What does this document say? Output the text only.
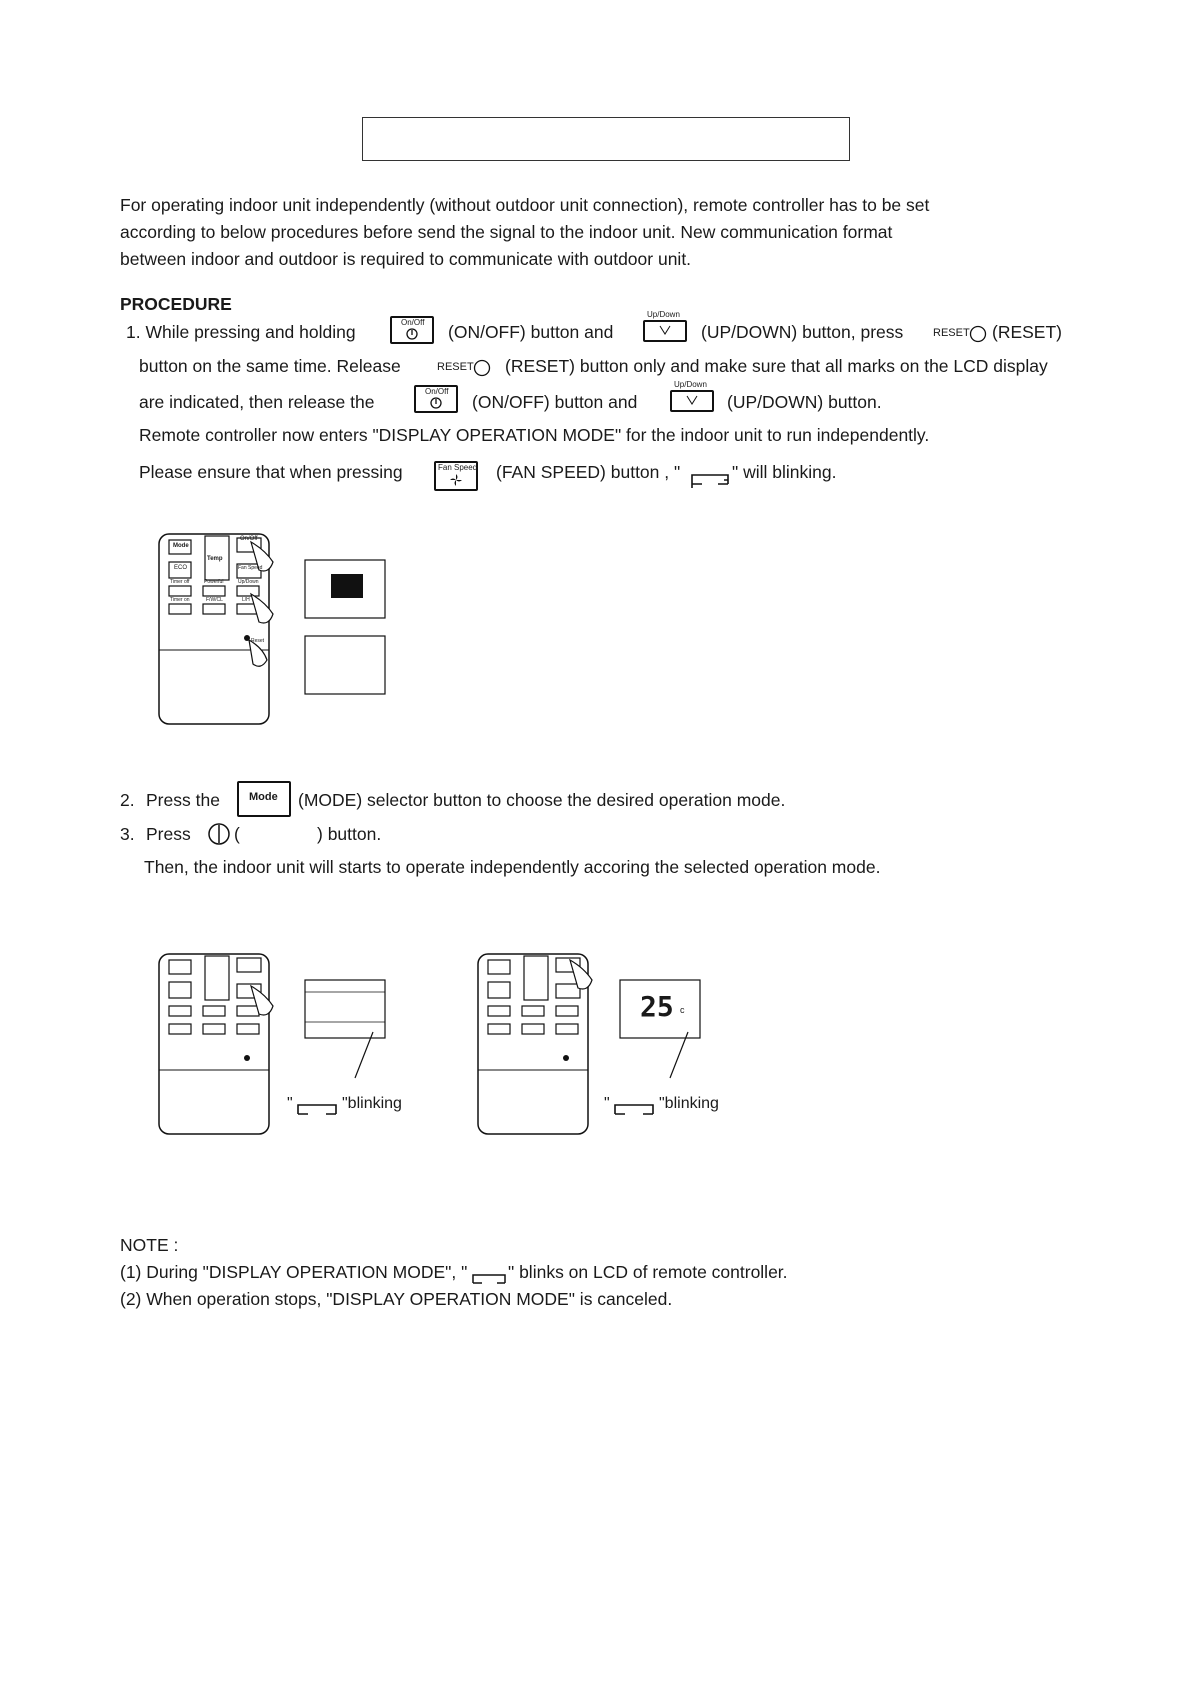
For operating indoor unit independently (without outdoor unit connection), remote controller has to be set according to below procedures before send the signal to the indoor unit. New communication format between indoor and outdoor is required to communicate with outdoor unit.
PROCEDURE
1. While pressing and holding	On/Off (ON/OFF) button and
Up/Down
(UP/DOWN) button, press	RESET (RESET)
button on the same time. Release	RESET (RESET) button only and make sure that all marks on the LCD display
are indicated, then release the
On/Off
(ON/OFF) button and
Up/Down
(UP/DOWN) button.
Remote controller now enters "DISPLAY OPERATION MODE" for the indoor unit to run independently.
Please ensure that when pressing	Fan Speed (FAN SPEED) button , "	" will blinking.
Mode
Temp
On/Off
ECO	Fan Speed
Timer off	Powerful	Up/Down
Timer on	F/W/CL	L/H
Reset
2. Press the	Mode (MODE) selector button to choose the desired operation mode.
3. Press (	) button.
Then, the indoor unit will starts to operate independently accoring the selected operation mode.
"	"blinking
25 c
"	"blinking
NOTE :
(1) During "DISPLAY OPERATION MODE", " " blinks on LCD of remote controller.
(2) When operation stops, "DISPLAY OPERATION MODE" is canceled.
